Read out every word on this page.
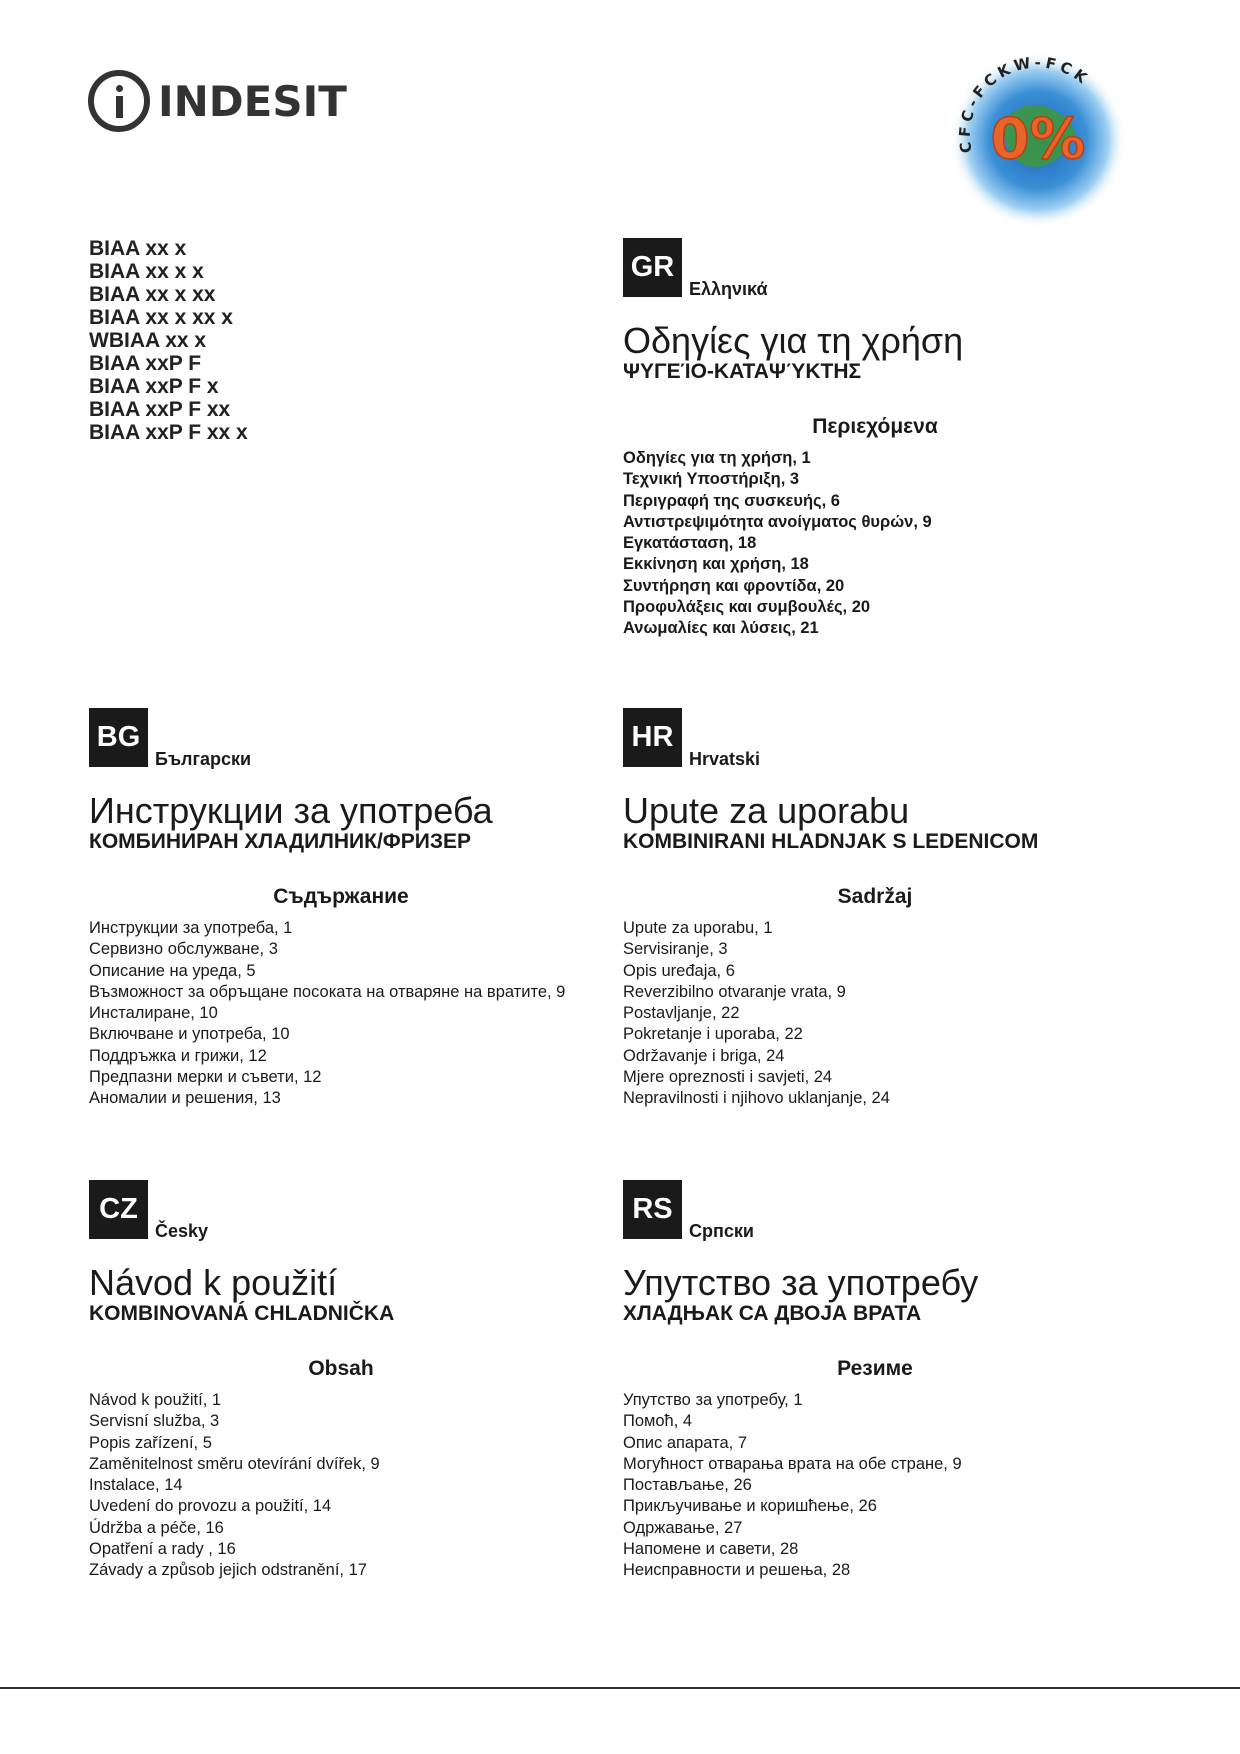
INDESIT
0%
CFC-FCKW-FCK
BIAA xx x
BIAA xx x x
BIAA xx x xx
BIAA xx x xx x
WBIAA xx x
BIAA xxP F
BIAA xxP F x
BIAA xxP F xx
BIAA xxP F xx x
GR
Ελληνικά
Οδηγίες για τη χρήση
ΨΥΓΕΊΟ-ΚΑΤΑΨΎΚΤΗΣ
Περιεχόμενα
Οδηγίες για τη χρήση, 1
Τεχνική Υποστήριξη, 3
Περιγραφή της συσκευής, 6
Αντιστρεψιμότητα ανοίγματος θυρών, 9
Εγκατάσταση, 18
Εκκίνηση και χρήση, 18
Συντήρηση και φροντίδα, 20
Προφυλάξεις και συμβουλές, 20
Ανωμαλίες και λύσεις, 21
BG
Български
Инструкции за употреба
КОМБИНИРАН ХЛАДИЛНИК/ФРИЗЕР
Съдържание
Инструкции за употреба, 1
Сервизно обслужване, 3
Описание на уреда, 5
Възможност за обръщане посоката на отваряне на вратите, 9
Инсталиране, 10
Включване и употреба, 10
Поддръжка и грижи, 12
Предпазни мерки и съвети, 12
Аномалии и решения, 13
HR
Hrvatski
Upute za uporabu
KOMBINIRANI HLADNJAK S LEDENICOM
Sadržaj
Upute za uporabu, 1
Servisiranje, 3
Opis uređaja, 6
Reverzibilno otvaranje vrata, 9
Postavljanje, 22
Pokretanje i uporaba, 22
Održavanje i briga, 24
Mjere opreznosti i savjeti, 24
Nepravilnosti i njihovo uklanjanje, 24
CZ
Česky
Návod k použití
KOMBINOVANÁ CHLADNIČKA
Obsah
Návod k použití, 1
Servisní služba, 3
Popis zařízení, 5
Zaměnitelnost směru otevírání dvířek, 9
Instalace, 14
Uvedení do provozu a použití, 14
Údržba a péče, 16
Opatření a rady , 16
Závady a způsob jejich odstranění, 17
RS
Српски
Упутство за употребу
ХЛАДЊАК СА ДВОЈА ВРАТА
Резиме
Упутство за употребу, 1
Помоћ, 4
Опис апарата, 7
Могућност отварања врата на обе стране, 9
Постављање, 26
Прикључивање и коришћење, 26
Одржавање, 27
Напомене и савети, 28
Неисправности и решења, 28
